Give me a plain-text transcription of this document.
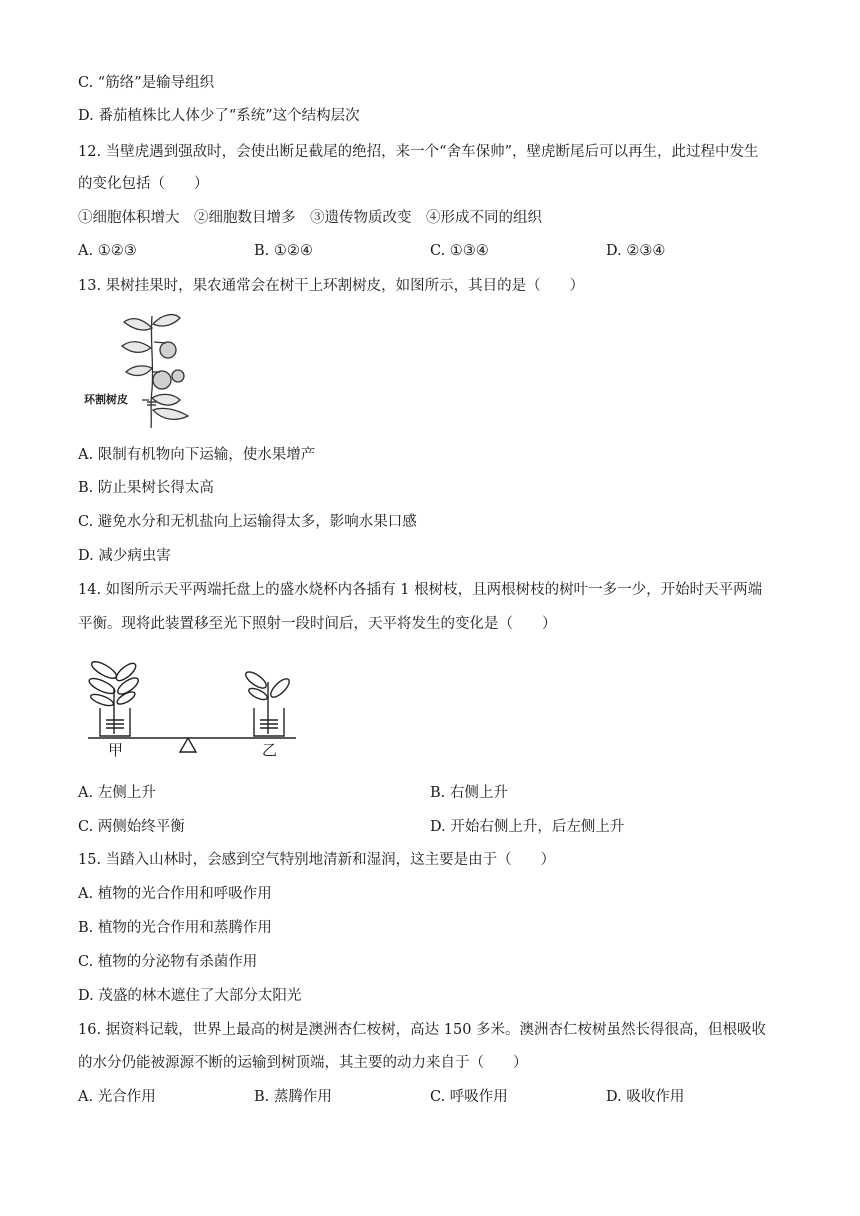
C. “筋络”是输导组织
D. 番茄植株比人体少了“系统”这个结构层次
12. 当壁虎遇到强敌时，会使出断足截尾的绝招，来一个“舍车保帅”，壁虎断尾后可以再生，此过程中发生
的变化包括（　　）
①细胞体积增大　②细胞数目增多　③遗传物质改变　④形成不同的组织
A. ①②③	B. ①②④	C. ①③④	D. ②③④
13. 果树挂果时，果农通常会在树干上环割树皮，如图所示，其目的是（　　）
环割树皮
A. 限制有机物向下运输，使水果增产
B. 防止果树长得太高
C. 避免水分和无机盐向上运输得太多，影响水果口感
D. 减少病虫害
14. 如图所示天平两端托盘上的盛水烧杯内各插有 1 根树枝，且两根树枝的树叶一多一少，开始时天平两端
平衡。现将此装置移至光下照射一段时间后，天平将发生的变化是（　　）
甲	乙
A. 左侧上升	B. 右侧上升
C. 两侧始终平衡	D. 开始右侧上升，后左侧上升
15. 当踏入山林时，会感到空气特别地清新和湿润，这主要是由于（　　）
A. 植物的光合作用和呼吸作用
B. 植物的光合作用和蒸腾作用
C. 植物的分泌物有杀菌作用
D. 茂盛的林木遮住了大部分太阳光
16. 据资料记载，世界上最高的树是澳洲杏仁桉树，高达 150 多米。澳洲杏仁桉树虽然长得很高，但根吸收
的水分仍能被源源不断的运输到树顶端，其主要的动力来自于（　　）
A. 光合作用	B. 蒸腾作用	C. 呼吸作用	D. 吸收作用
